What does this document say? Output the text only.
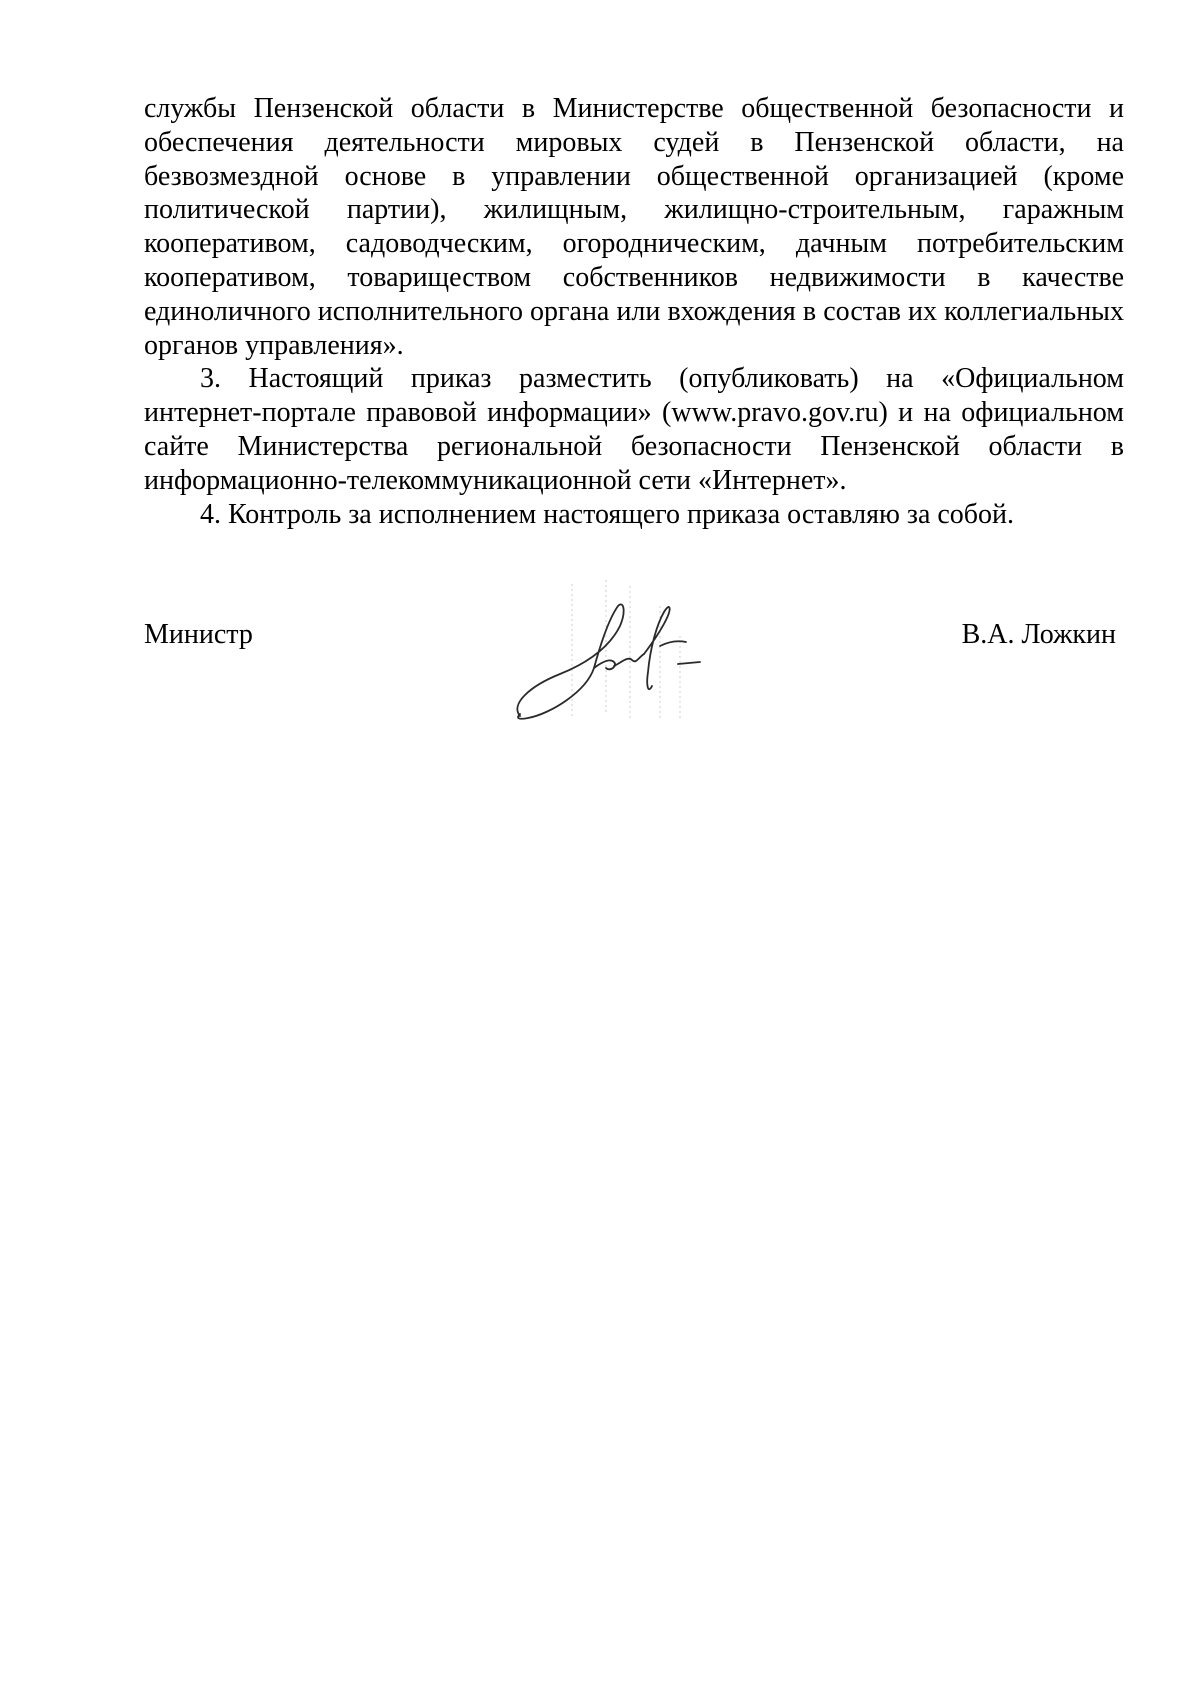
службы Пензенской области в Министерстве общественной безопасности и обеспечения деятельности мировых судей в Пензенской области, на безвозмездной основе в управлении общественной организацией (кроме политической партии), жилищным, жилищно-строительным, гаражным кооперативом, садоводческим, огородническим, дачным потребительским кооперативом, товариществом собственников недвижимости в качестве единоличного исполнительного органа или вхождения в состав их коллегиальных органов управления».

3. Настоящий приказ разместить (опубликовать) на «Официальном интернет-портале правовой информации» (www.pravo.gov.ru) и на официальном сайте Министерства региональной безопасности Пензенской области в информационно-телекоммуникационной сети «Интернет».

4. Контроль за исполнением настоящего приказа оставляю за собой.

Министр	В.А. Ложкин
